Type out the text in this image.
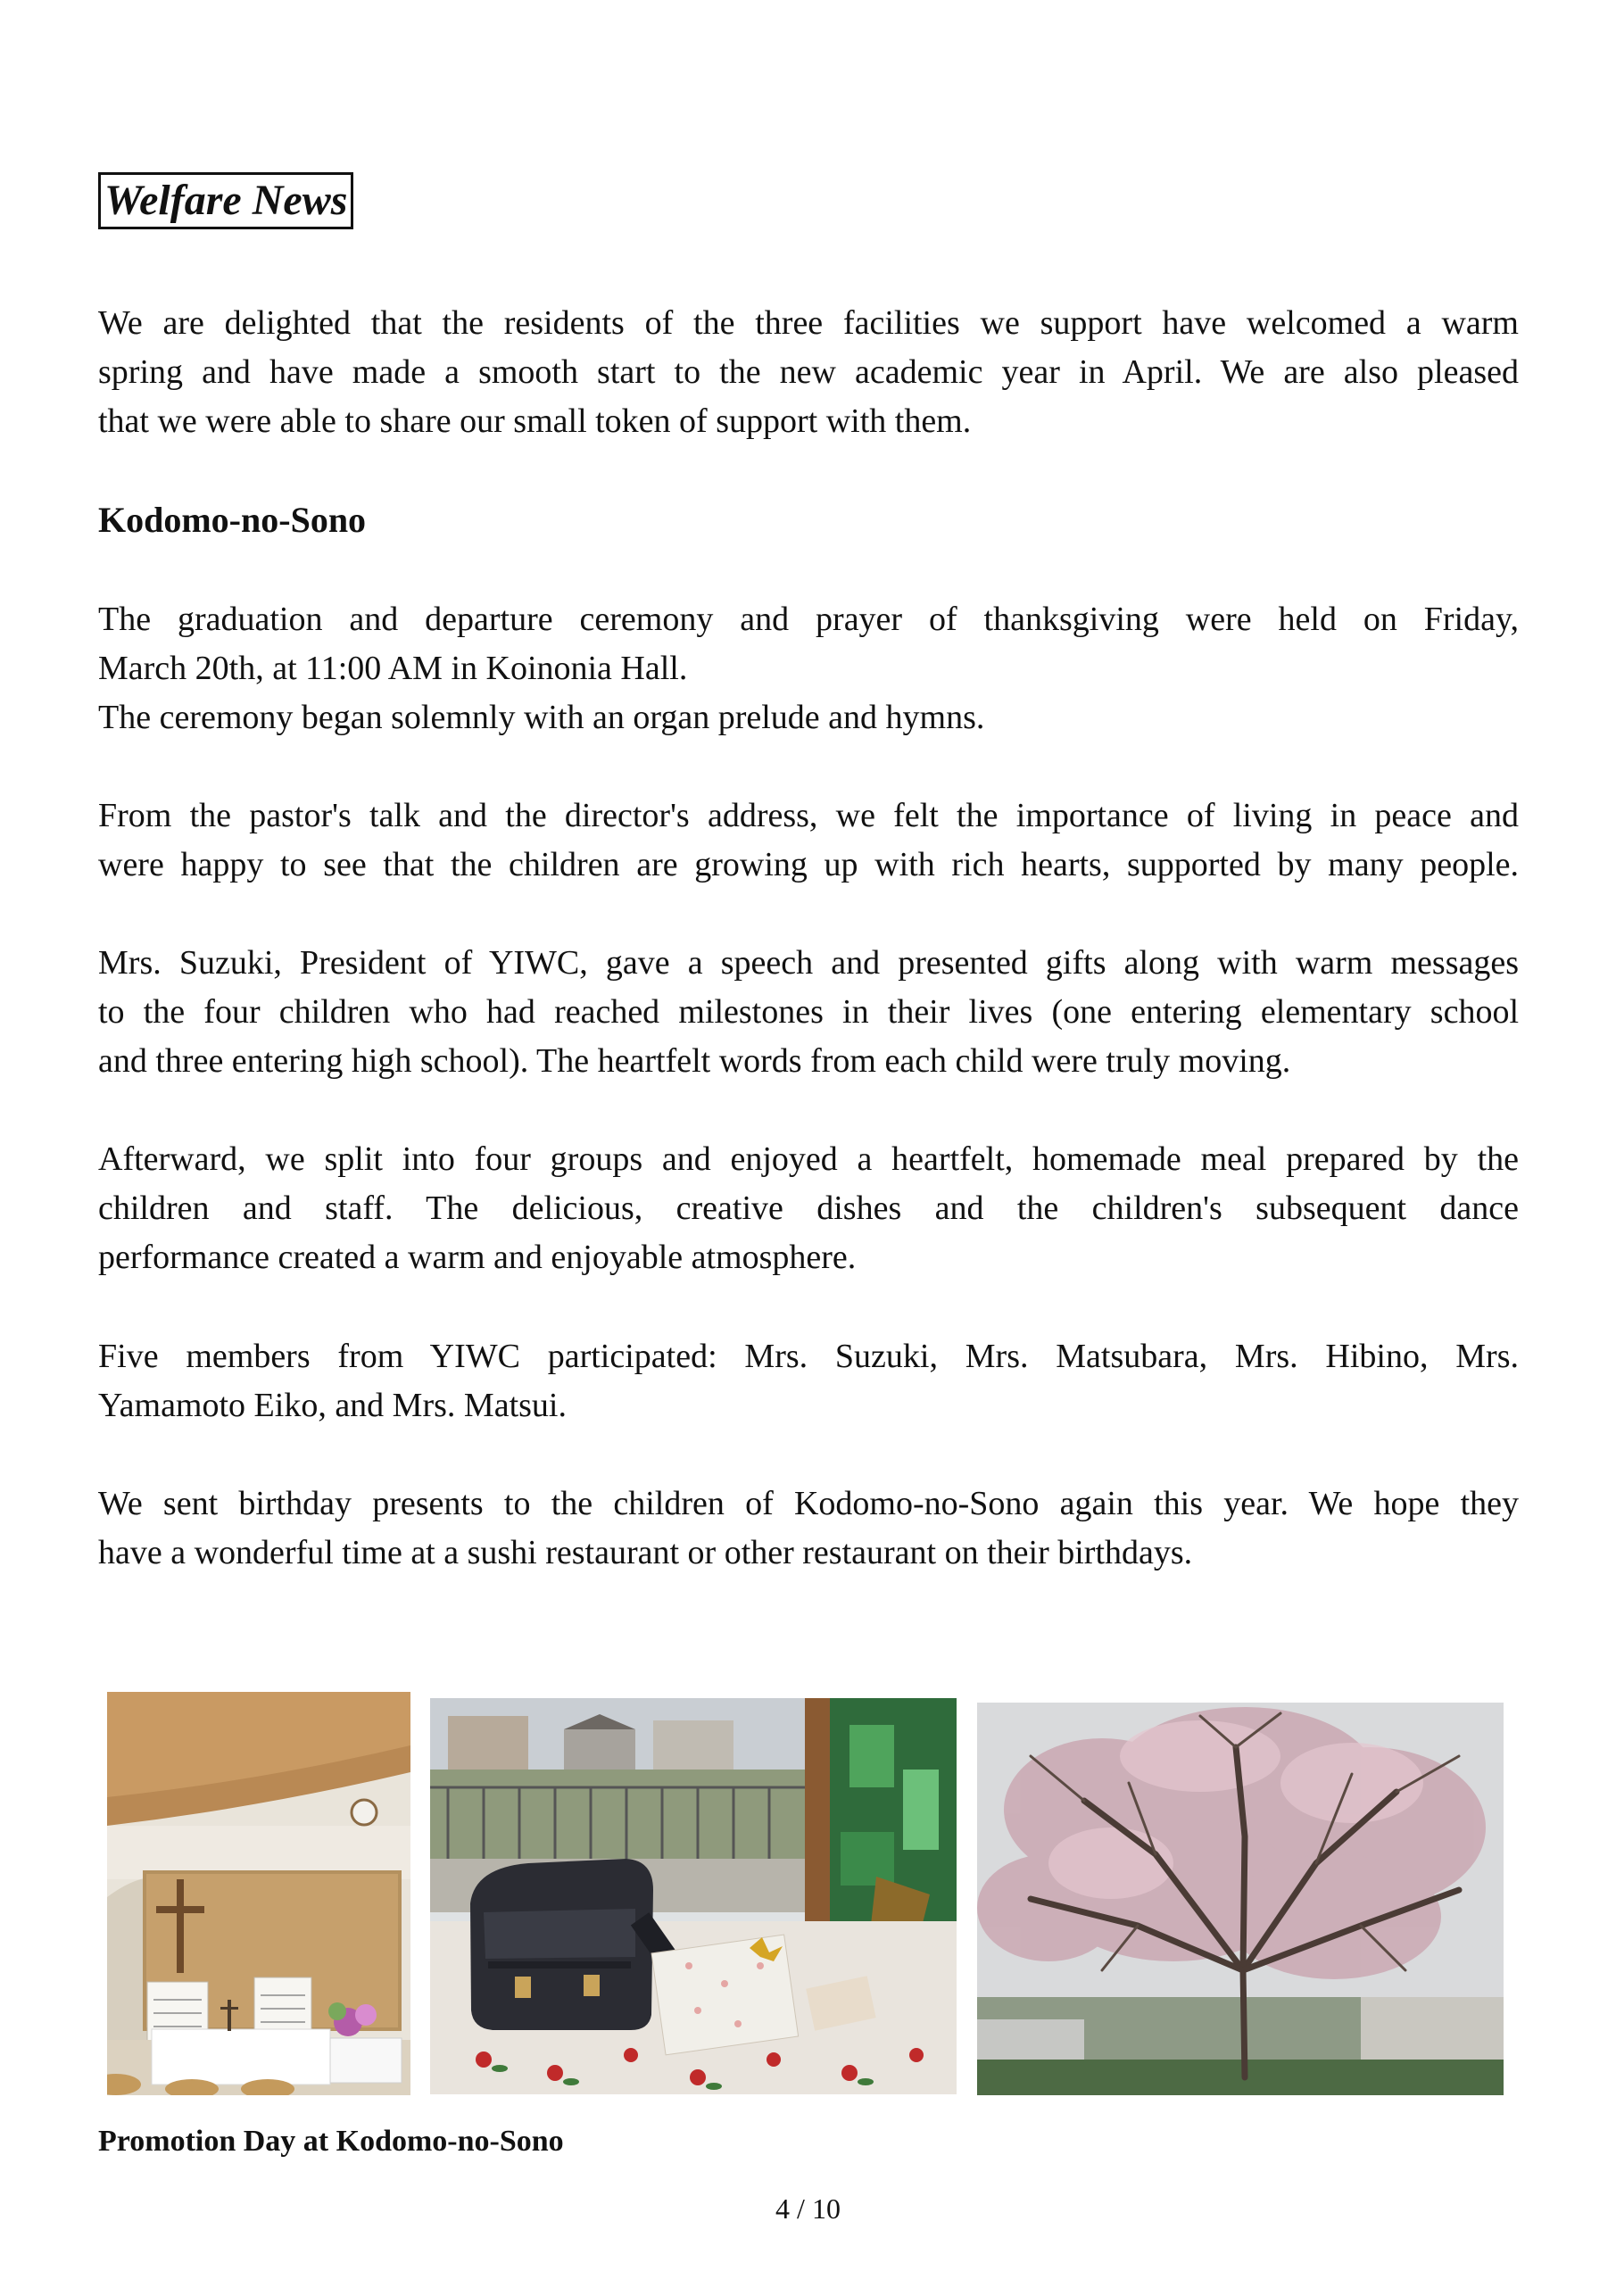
Welfare News

We are delighted that the residents of the three facilities we support have welcomed a warm
spring and have made a smooth start to the new academic year in April. We are also pleased
that we were able to share our small token of support with them.

Kodomo-no-Sono

The graduation and departure ceremony and prayer of thanksgiving were held on Friday,
March 20th, at 11:00 AM in Koinonia Hall.
The ceremony began solemnly with an organ prelude and hymns.

From the pastor's talk and the director's address, we felt the importance of living in peace and
were happy to see that the children are growing up with rich hearts, supported by many people.

Mrs. Suzuki, President of YIWC, gave a speech and presented gifts along with warm messages
to the four children who had reached milestones in their lives (one entering elementary school
and three entering high school). The heartfelt words from each child were truly moving.

Afterward, we split into four groups and enjoyed a heartfelt, homemade meal prepared by the
children and staff. The delicious, creative dishes and the children's subsequent dance
performance created a warm and enjoyable atmosphere.

Five members from YIWC participated: Mrs. Suzuki, Mrs. Matsubara, Mrs. Hibino, Mrs.
Yamamoto Eiko, and Mrs. Matsui.

We sent birthday presents to the children of Kodomo-no-Sono again this year. We hope they
have a wonderful time at a sushi restaurant or other restaurant on their birthdays.

Promotion Day at Kodomo-no-Sono
4 / 10
